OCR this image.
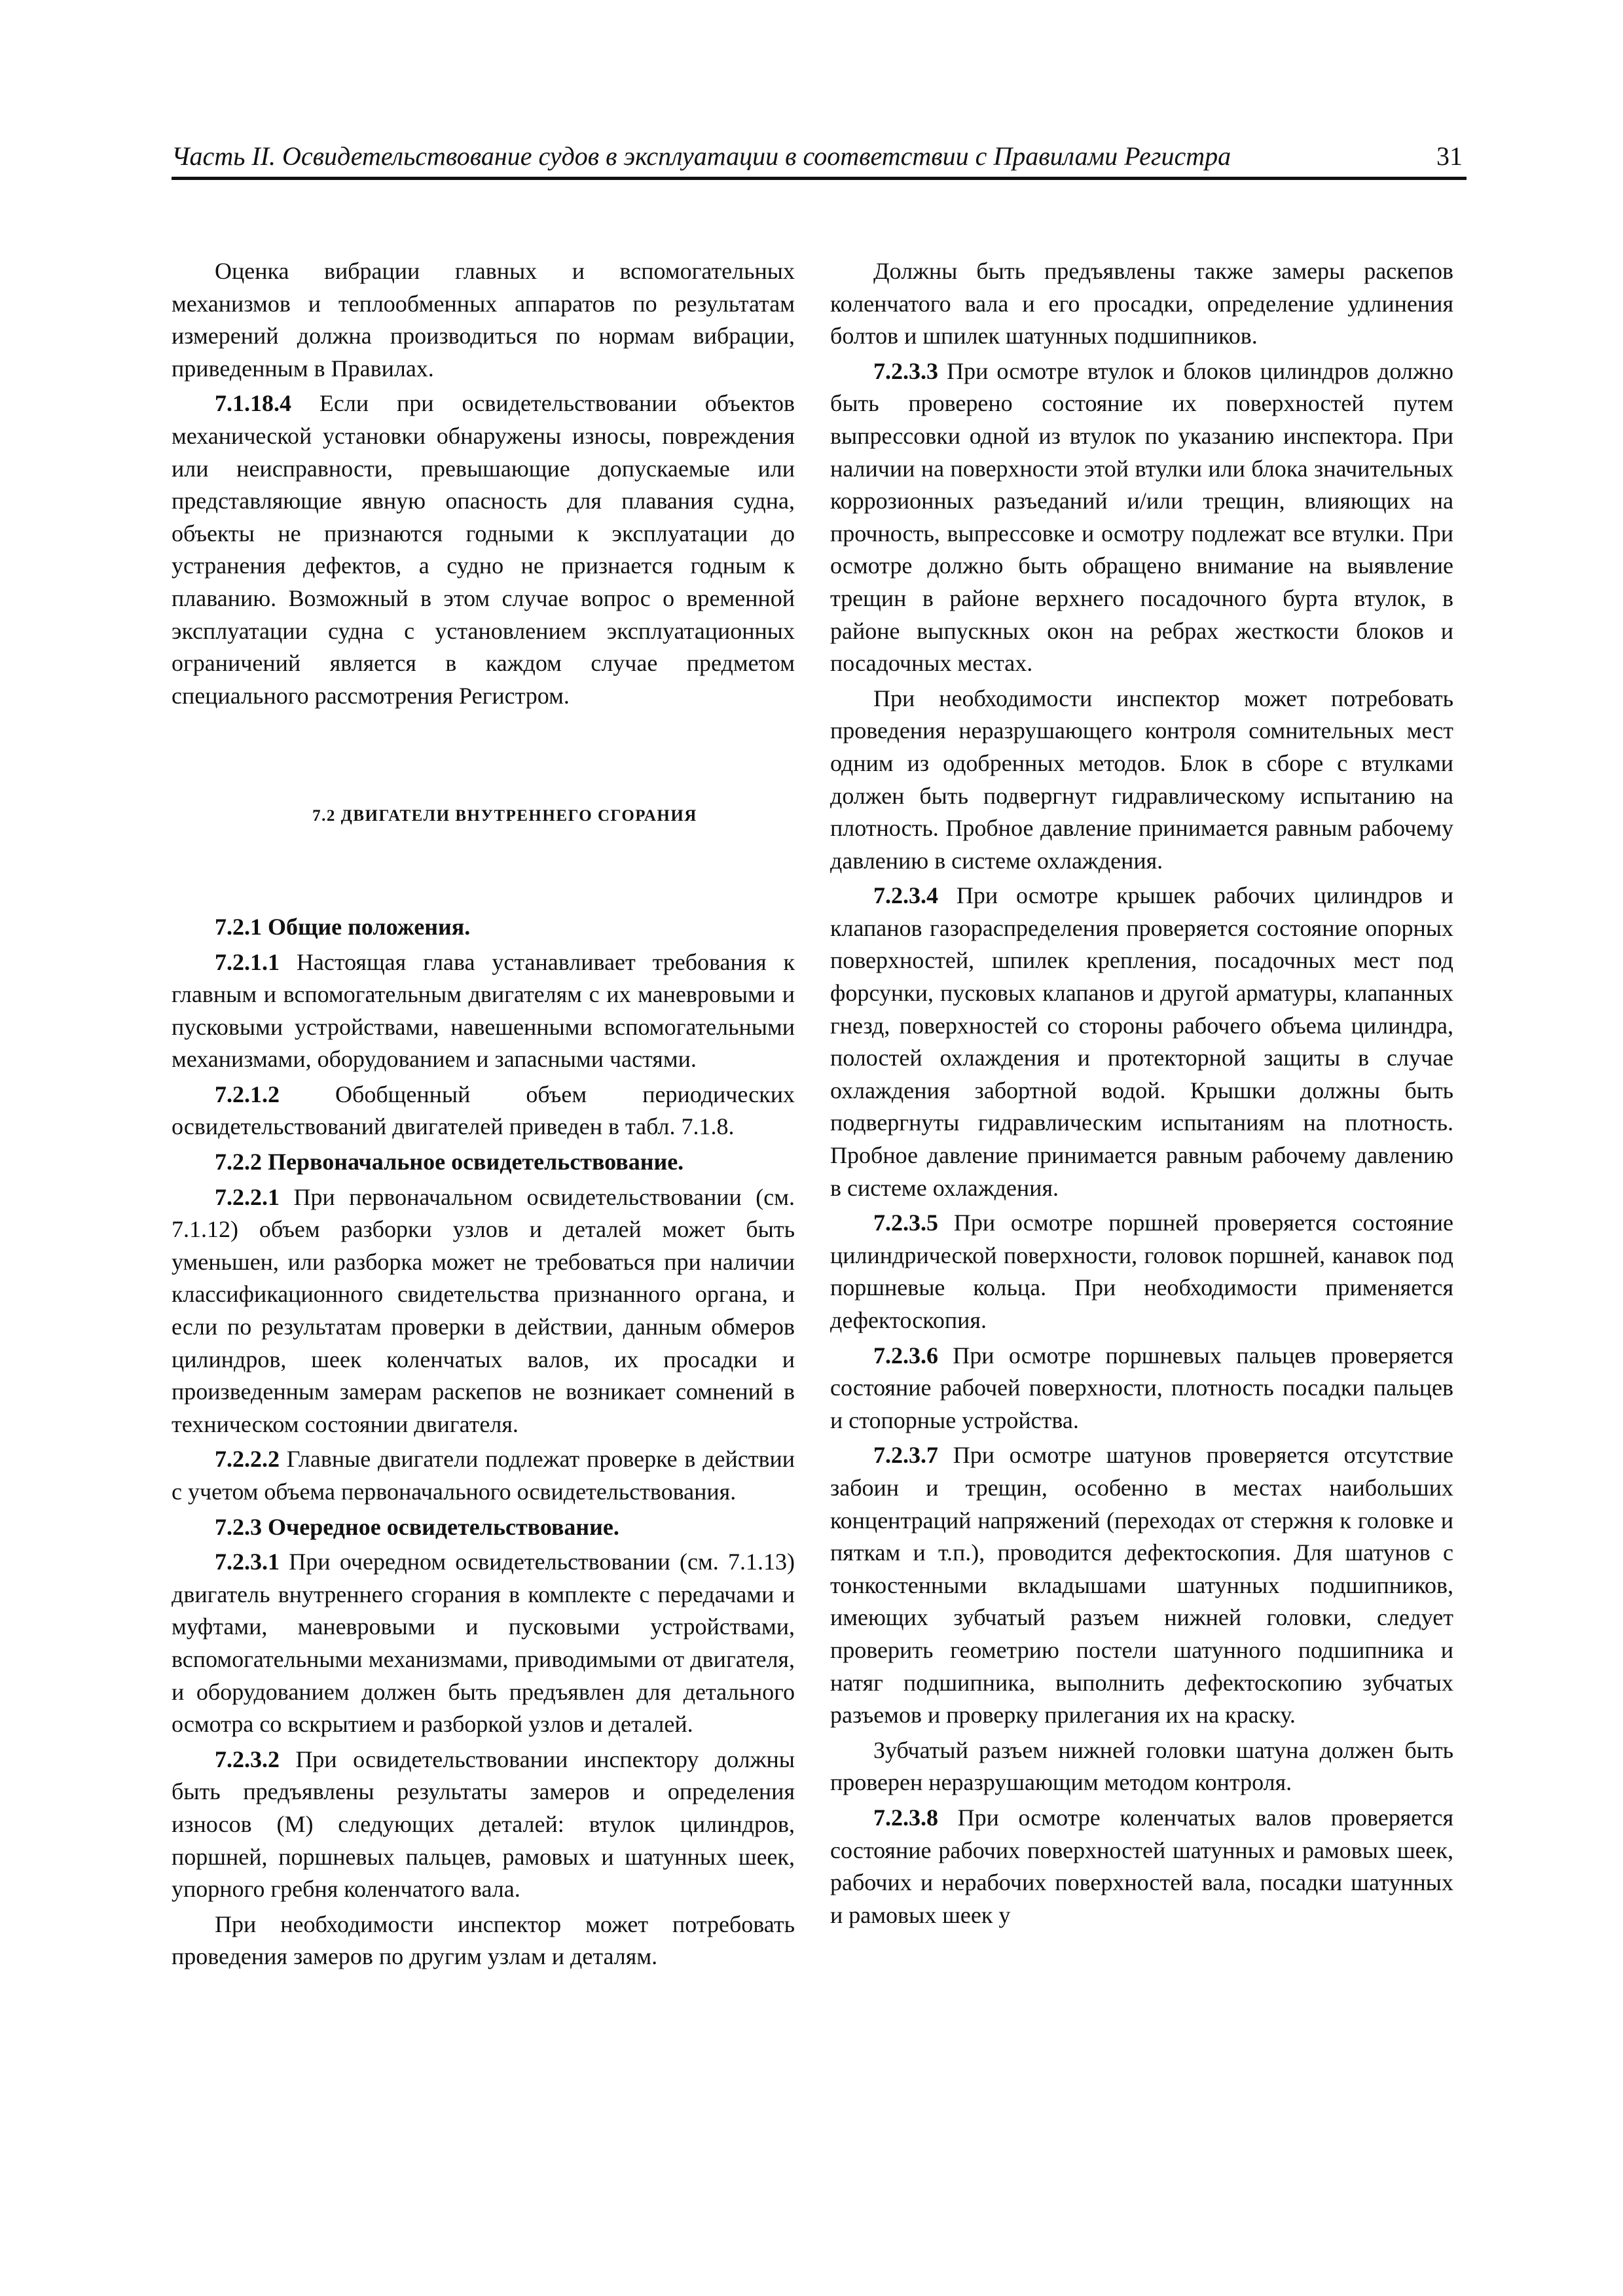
Часть II. Освидетельствование судов в эксплуатации в соответствии с Правилами Регистра	31

Оценка вибрации главных и вспомогательных механизмов и теплообменных аппаратов по результатам измерений должна производиться по нормам вибрации, приведенным в Правилах.

7.1.18.4 Если при освидетельствовании объектов механической установки обнаружены износы, повреждения или неисправности, превышающие допускаемые или представляющие явную опасность для плавания судна, объекты не признаются годными к эксплуатации до устранения дефектов, а судно не признается годным к плаванию. Возможный в этом случае вопрос о временной эксплуатации судна с установлением эксплуатационных ограничений является в каждом случае предметом специального рассмотрения Регистром.

7.2 ДВИГАТЕЛИ ВНУТРЕННЕГО СГОРАНИЯ

7.2.1 Общие положения.

7.2.1.1 Настоящая глава устанавливает требования к главным и вспомогательным двигателям с их маневровыми и пусковыми устройствами, навешенными вспомогательными механизмами, оборудованием и запасными частями.

7.2.1.2 Обобщенный объем периодических освидетельствований двигателей приведен в табл. 7.1.8.

7.2.2 Первоначальное освидетельствование.

7.2.2.1 При первоначальном освидетельствовании (см. 7.1.12) объем разборки узлов и деталей может быть уменьшен, или разборка может не требоваться при наличии классификационного свидетельства признанного органа, и если по результатам проверки в действии, данным обмеров цилиндров, шеек коленчатых валов, их просадки и произведенным замерам раскепов не возникает сомнений в техническом состоянии двигателя.

7.2.2.2 Главные двигатели подлежат проверке в действии с учетом объема первоначального освидетельствования.

7.2.3 Очередное освидетельствование.

7.2.3.1 При очередном освидетельствовании (см. 7.1.13) двигатель внутреннего сгорания в комплекте с передачами и муфтами, маневровыми и пусковыми устройствами, вспомогательными механизмами, приводимыми от двигателя, и оборудованием должен быть предъявлен для детального осмотра со вскрытием и разборкой узлов и деталей.

7.2.3.2 При освидетельствовании инспектору должны быть предъявлены результаты замеров и определения износов (М) следующих деталей: втулок цилиндров, поршней, поршневых пальцев, рамовых и шатунных шеек, упорного гребня коленчатого вала.

При необходимости инспектор может потребовать проведения замеров по другим узлам и деталям.

Должны быть предъявлены также замеры раскепов коленчатого вала и его просадки, определение удлинения болтов и шпилек шатунных подшипников.

7.2.3.3 При осмотре втулок и блоков цилиндров должно быть проверено состояние их поверхностей путем выпрессовки одной из втулок по указанию инспектора. При наличии на поверхности этой втулки или блока значительных коррозионных разъеданий и/или трещин, влияющих на прочность, выпрессовке и осмотру подлежат все втулки. При осмотре должно быть обращено внимание на выявление трещин в районе верхнего посадочного бурта втулок, в районе выпускных окон на ребрах жесткости блоков и посадочных местах.

При необходимости инспектор может потребовать проведения неразрушающего контроля сомнительных мест одним из одобренных методов. Блок в сборе с втулками должен быть подвергнут гидравлическому испытанию на плотность. Пробное давление принимается равным рабочему давлению в системе охлаждения.

7.2.3.4 При осмотре крышек рабочих цилиндров и клапанов газораспределения проверяется состояние опорных поверхностей, шпилек крепления, посадочных мест под форсунки, пусковых клапанов и другой арматуры, клапанных гнезд, поверхностей со стороны рабочего объема цилиндра, полостей охлаждения и протекторной защиты в случае охлаждения забортной водой. Крышки должны быть подвергнуты гидравлическим испытаниям на плотность. Пробное давление принимается равным рабочему давлению в системе охлаждения.

7.2.3.5 При осмотре поршней проверяется состояние цилиндрической поверхности, головок поршней, канавок под поршневые кольца. При необходимости применяется дефектоскопия.

7.2.3.6 При осмотре поршневых пальцев проверяется состояние рабочей поверхности, плотность посадки пальцев и стопорные устройства.

7.2.3.7 При осмотре шатунов проверяется отсутствие забоин и трещин, особенно в местах наибольших концентраций напряжений (переходах от стержня к головке и пяткам и т.п.), проводится дефектоскопия. Для шатунов с тонкостенными вкладышами шатунных подшипников, имеющих зубчатый разъем нижней головки, следует проверить геометрию постели шатунного подшипника и натяг подшипника, выполнить дефектоскопию зубчатых разъемов и проверку прилегания их на краску.

Зубчатый разъем нижней головки шатуна должен быть проверен неразрушающим методом контроля.

7.2.3.8 При осмотре коленчатых валов проверяется состояние рабочих поверхностей шатунных и рамовых шеек, рабочих и нерабочих поверхностей вала, посадки шатунных и рамовых шеек у
